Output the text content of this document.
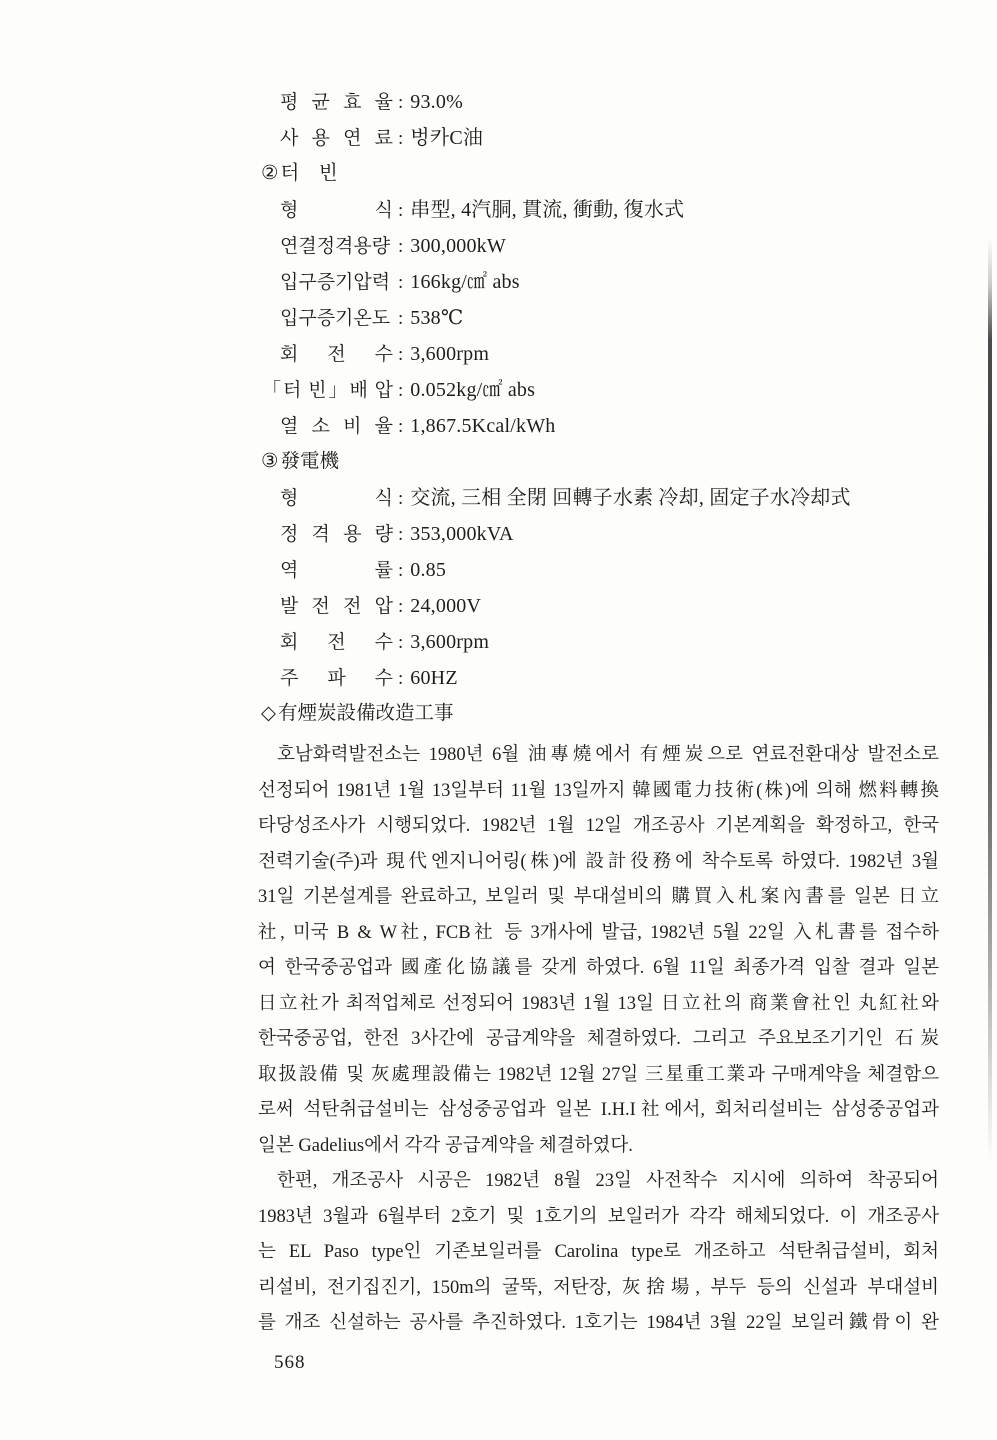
평 균 효 율 : 93.0%
사 용 연 료 : 벙카C油
② 터　빈
형 식 : 串型, 4汽胴, 貫流, 衝動, 復水式
연결정격용량 : 300,000kW
입구증기압력 : 166kg/㎠ abs
입구증기온도 : 538℃
회 전 수 : 3,600rpm
「터 빈」배 압 : 0.052kg/㎠ abs
열 소 비 율 : 1,867.5Kcal/kWh
③ 發電機
형 식 : 交流, 三相 全閉 回轉子水素 冷却, 固定子水冷却式
정 격 용 량 : 353,000kVA
역 률 : 0.85
발 전 전 압 : 24,000V
회 전 수 : 3,600rpm
주 파 수 : 60HZ
◇ 有煙炭設備改造工事

호남화력발전소는 1980년 6월 油專燒에서 有煙炭으로 연료전환대상 발전소로

선정되어 1981년 1월 13일부터 11월 13일까지 韓國電力技術(株)에 의해 燃料轉換

타당성조사가 시행되었다. 1982년 1월 12일 개조공사 기본계획을 확정하고, 한국

전력기술(주)과 現代엔지니어링(株)에 設計役務에 착수토록 하였다. 1982년 3월

31일 기본설계를 완료하고, 보일러 및 부대설비의 購買入札案內書를 일본 日立

社, 미국 B & W社, FCB社 등 3개사에 발급, 1982년 5월 22일 入札書를 접수하

여 한국중공업과 國產化協議를 갖게 하였다. 6월 11일 최종가격 입찰 결과 일본

日立社가 최적업체로 선정되어 1983년 1월 13일 日立社의 商業會社인 丸紅社와

한국중공업, 한전 3사간에 공급계약을 체결하였다. 그리고 주요보조기기인 石炭

取扱設備 및 灰處理設備는 1982년 12월 27일 三星重工業과 구매계약을 체결함으

로써 석탄취급설비는 삼성중공업과 일본 I.H.I社에서, 회처리설비는 삼성중공업과

일본 Gadelius에서 각각 공급계약을 체결하였다.

한편, 개조공사 시공은 1982년 8월 23일 사전착수 지시에 의하여 착공되어

1983년 3월과 6월부터 2호기 및 1호기의 보일러가 각각 해체되었다. 이 개조공사

는 EL Paso type인 기존보일러를 Carolina type로 개조하고 석탄취급설비, 회처

리설비, 전기집진기, 150m의 굴뚝, 저탄장, 灰捨場, 부두 등의 신설과 부대설비

를 개조 신설하는 공사를 추진하였다. 1호기는 1984년 3월 22일 보일러鐵骨이 완

568
